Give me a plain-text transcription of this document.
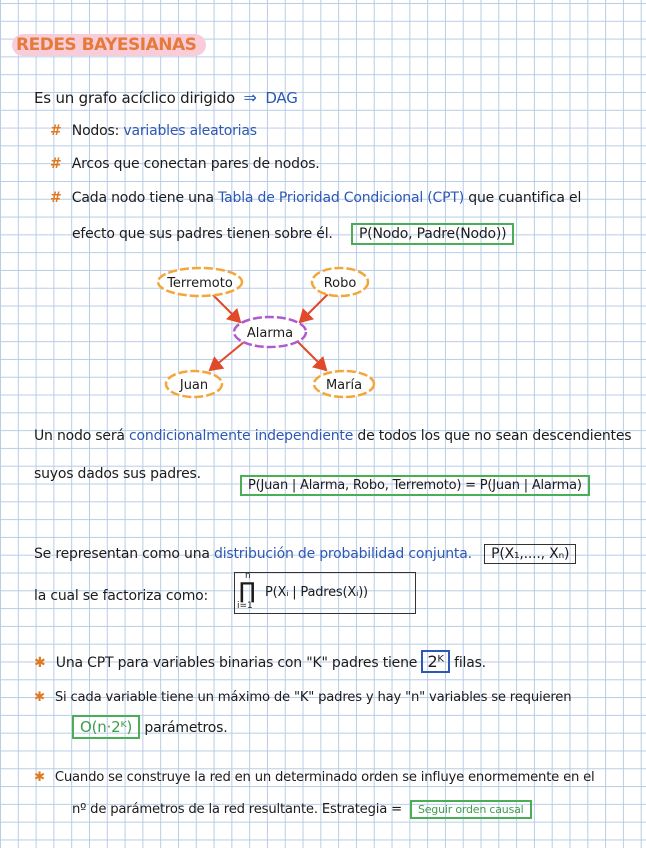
REDES BAYESIANAS
Es un grafo acíclico dirigido ⇒ DAG
# Nodos: variables aleatorias
# Arcos que conectan pares de nodos.
# Cada nodo tiene una Tabla de Prioridad Condicional (CPT) que cuantifica el
efecto que sus padres tienen sobre él. P(Nodo, Padre(Nodo))
Terremoto	Robo
Alarma
Juan	María
Un nodo será condicionalmente independiente de todos los que no sean descendientes
suyos dados sus padres.
P(Juan | Alarma, Robo, Terremoto) = P(Juan | Alarma)
Se representan como una distribución de probabilidad conjunta. P(X₁,...., Xₙ)
la cual se factoriza como:
n
∏
i=1
P(Xᵢ | Padres(Xᵢ))
✱ Una CPT para variables binarias con "K" padres tiene 2ᴷ filas.
✱ Si cada variable tiene un máximo de "K" padres y hay "n" variables se requieren
O(n·2ᴷ) parámetros.
✱ Cuando se construye la red en un determinado orden se influye enormemente en el
nº de parámetros de la red resultante. Estrategia = Seguir orden causal
